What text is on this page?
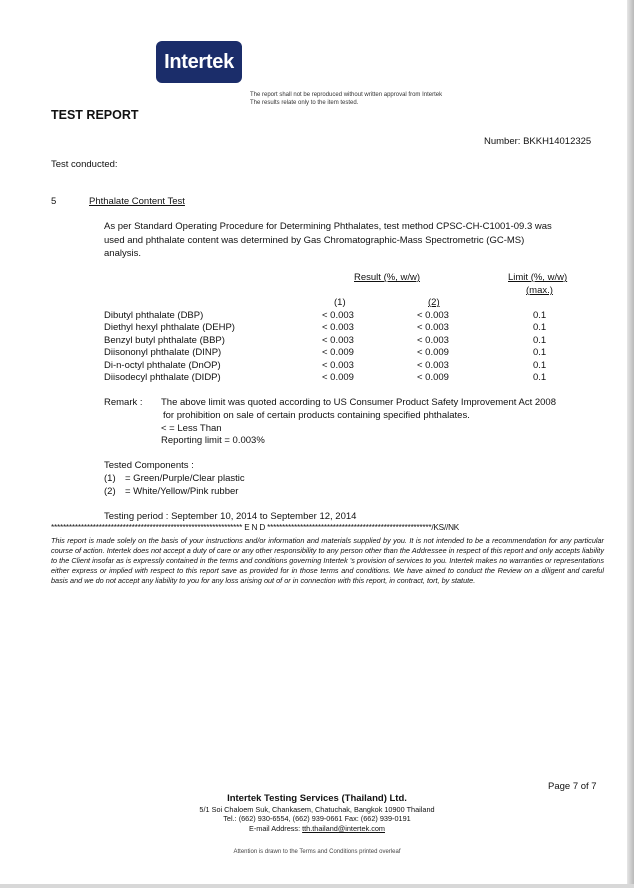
Intertek
The report shall not be reproduced without written approval from Intertek
The results relate only to the item tested.
TEST REPORT
Number: BKKH14012325
Test conducted:
5	Phthalate Content Test
As per Standard Operating Procedure for Determining Phthalates, test method CPSC-CH-C1001-09.3 was
used and phthalate content was determined by Gas Chromatographic-Mass Spectrometric (GC-MS)
analysis.
Result (%, w/w)	Limit (%, w/w)
(max.)
(1)	(2)
Dibutyl phthalate (DBP)	< 0.003	< 0.003	0.1
Diethyl hexyl phthalate (DEHP)	< 0.003	< 0.003	0.1
Benzyl butyl phthalate (BBP)	< 0.003	< 0.003	0.1
Diisononyl phthalate (DINP)	< 0.009	< 0.009	0.1
Di-n-octyl phthalate (DnOP)	< 0.003	< 0.003	0.1
Diisodecyl phthalate (DIDP)	< 0.009	< 0.009	0.1
Remark : The above limit was quoted according to US Consumer Product Safety Improvement Act 2008
for prohibition on sale of certain products containing specified phthalates.
< = Less Than
Reporting limit = 0.003%
Tested Components :
(1) = Green/Purple/Clear plastic
(2) = White/Yellow/Pink rubber
Testing period : September 10, 2014 to September 12, 2014
**************************************************************** E N D *******************************************************/KS//NK
This report is made solely on the basis of your instructions and/or information and materials supplied by you. It is not intended to be a recommendation for any particular course of action. Intertek does not accept a duty of care or any other responsibility to any person other than the Addressee in respect of this report and only accepts liability to the Client insofar as is expressly contained in the terms and conditions governing Intertek 's provision of services to you. Intertek makes no warranties or representations either express or implied with respect to this report save as provided for in those terms and conditions. We have aimed to conduct the Review on a diligent and careful basis and we do not accept any liability to you for any loss arising out of or in connection with this report, in contract, tort, by statute.
Page 7 of 7
Intertek Testing Services (Thailand) Ltd.
5/1 Soi Chaloem Suk, Chankasem, Chatuchak, Bangkok 10900 Thailand
Tel.: (662) 930-6554, (662) 939-0661 Fax: (662) 939-0191
E-mail Address: tth.thailand@intertek.com
Attention is drawn to the Terms and Conditions printed overleaf
